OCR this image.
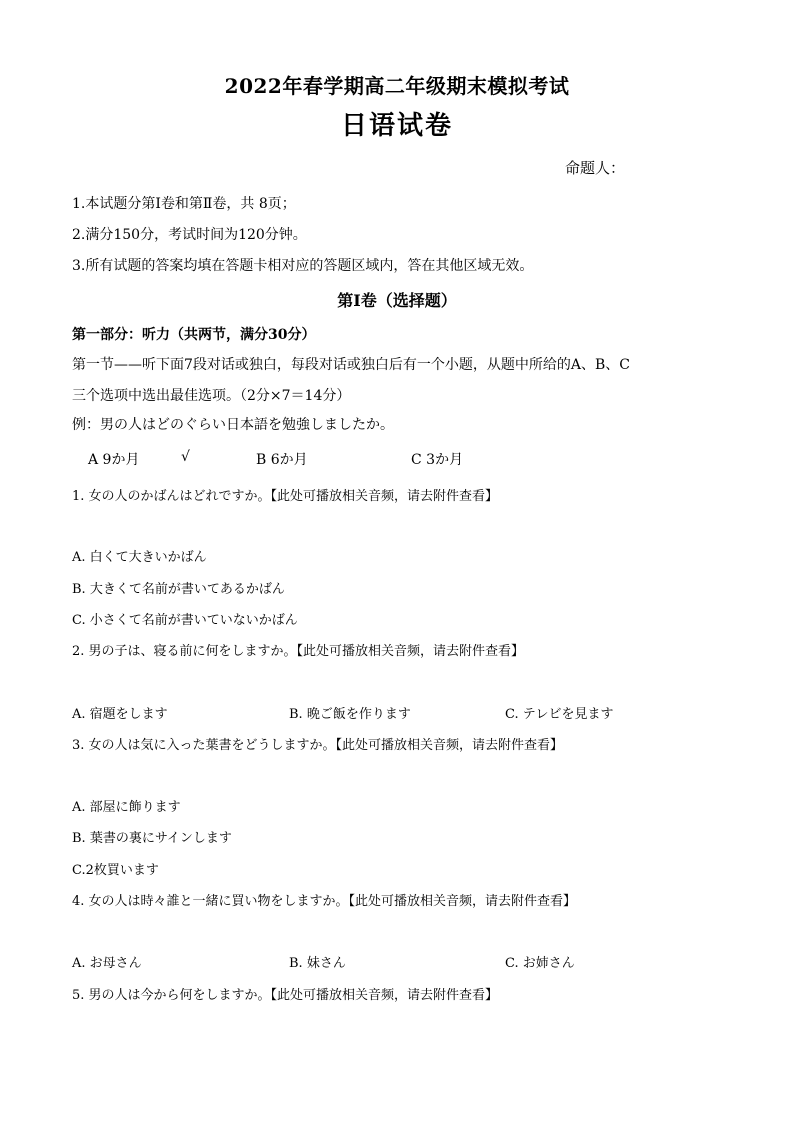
2022年春学期高二年级期末模拟考试
日语试卷
命题人：
1.本试题分第Ⅰ卷和第Ⅱ卷，共 8页；
2.满分150分，考试时间为120分钟。
3.所有试题的答案均填在答题卡相对应的答题区域内，答在其他区域无效。
第Ⅰ卷（选择题）
第一部分：听力（共两节，满分30分）
第一节——听下面7段对话或独白，每段对话或独白后有一个小题，从题中所给的A、B、C
三个选项中选出最佳选项。（2分×7＝14分）
例：男の人はどのぐらい日本語を勉強しましたか。
A 9か月	√	B 6か月	C 3か月
1. 女の人のかばんはどれですか。【此处可播放相关音频，请去附件查看】
A. 白くて大きいかばん
B. 大きくて名前が書いてあるかばん
C. 小さくて名前が書いていないかばん
2. 男の子は、寝る前に何をしますか。【此处可播放相关音频，请去附件查看】
A. 宿題をします	B. 晩ご飯を作ります	C. テレビを見ます
3. 女の人は気に入った葉書をどうしますか。【此处可播放相关音频，请去附件查看】
A. 部屋に飾ります
B. 葉書の裏にサインします
C.2枚買います
4. 女の人は時々誰と一緒に買い物をしますか。【此处可播放相关音频，请去附件查看】
A. お母さん	B. 妹さん	C. お姉さん
5. 男の人は今から何をしますか。【此处可播放相关音频，请去附件查看】
